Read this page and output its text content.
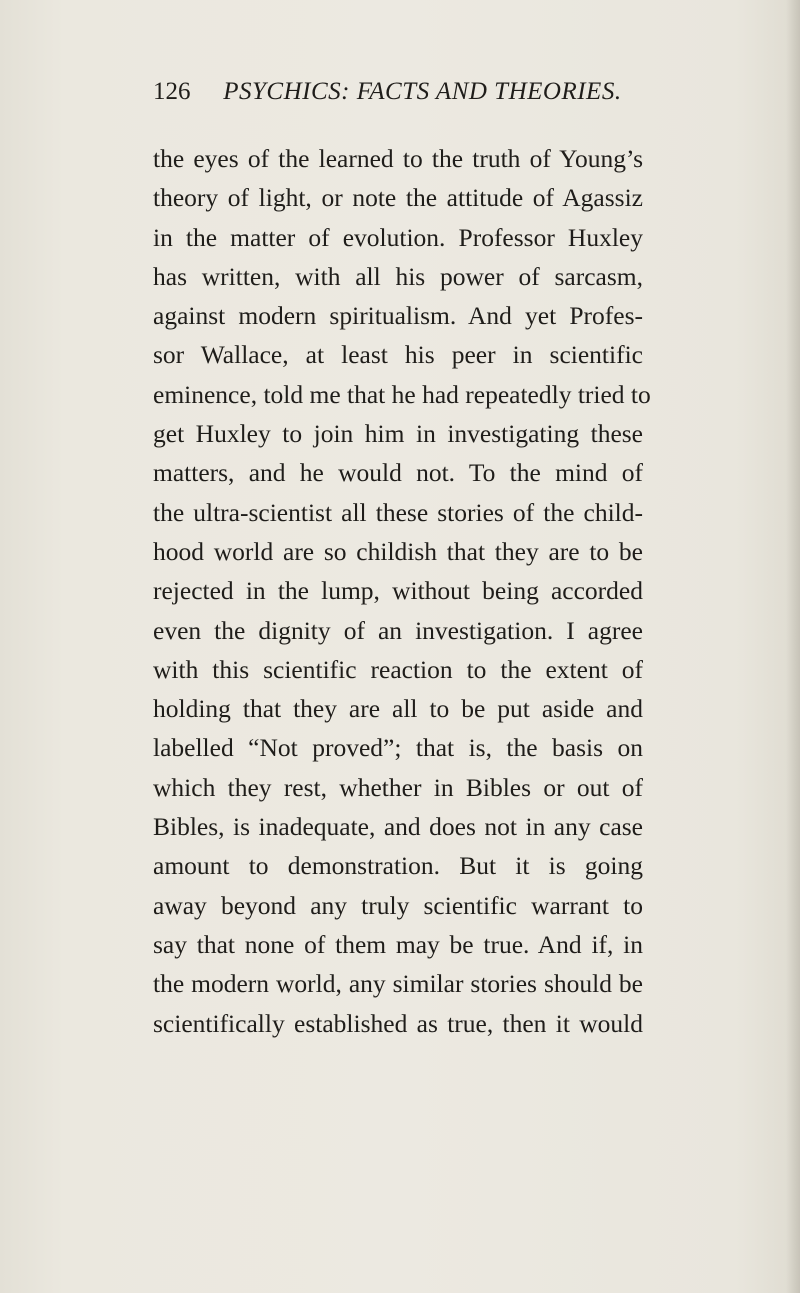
126 PSYCHICS: FACTS AND THEORIES.
the eyes of the learned to the truth of Young’s
theory of light, or note the attitude of Agassiz
in the matter of evolution. Professor Huxley
has written, with all his power of sarcasm,
against modern spiritualism. And yet Profes-
sor Wallace, at least his peer in scientific
eminence, told me that he had repeatedly tried to
get Huxley to join him in investigating these
matters, and he would not. To the mind of
the ultra-scientist all these stories of the child-
hood world are so childish that they are to be
rejected in the lump, without being accorded
even the dignity of an investigation. I agree
with this scientific reaction to the extent of
holding that they are all to be put aside and
labelled “Not proved”; that is, the basis on
which they rest, whether in Bibles or out of
Bibles, is inadequate, and does not in any case
amount to demonstration. But it is going
away beyond any truly scientific warrant to
say that none of them may be true. And if, in
the modern world, any similar stories should be
scientifically established as true, then it would
